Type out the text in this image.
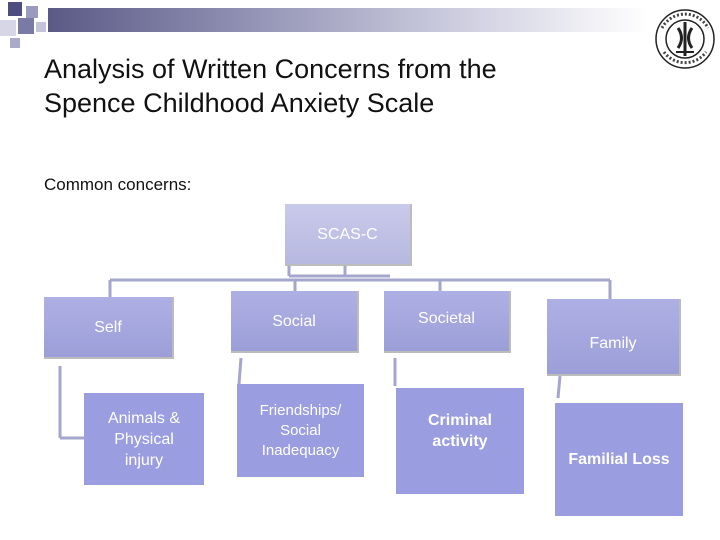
Analysis of Written Concerns from the
Spence Childhood Anxiety Scale
Common concerns:
SCAS-C
Self	Social	Societal
Family
Animals &
Physical
injury
Friendships/
Social
Inadequacy
Criminal
activity
Familial Loss
